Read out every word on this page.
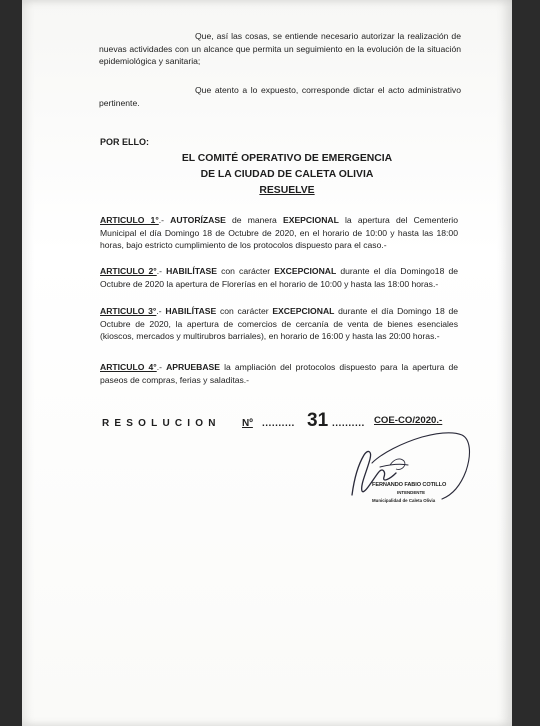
Que, así las cosas, se entiende necesario autorizar la realización de nuevas actividades con un alcance que permita un seguimiento en la evolución de la situación epidemiológica y sanitaria;
Que atento a lo expuesto, corresponde dictar el acto administrativo pertinente.
POR ELLO:
EL COMITÉ OPERATIVO DE EMERGENCIA
DE LA CIUDAD DE CALETA OLIVIA
RESUELVE
ARTICULO 1°.- AUTORÍZASE de manera EXEPCIONAL la apertura del Cementerio Municipal el día Domingo 18 de Octubre de 2020, en el horario de 10:00 y hasta las 18:00 horas, bajo estricto cumplimiento de los protocolos dispuesto para el caso.-
ARTICULO 2°.- HABILÍTASE con carácter EXCEPCIONAL durante el día Domingo18 de Octubre de 2020 la apertura de Florerías en el horario de 10:00 y hasta las 18:00 horas.-
ARTICULO 3°.- HABILÍTASE con carácter EXCEPCIONAL durante el día Domingo 18 de Octubre de 2020, la apertura de comercios de cercanía de venta de bienes esenciales (kioscos, mercados y multirubros barriales), en horario de 16:00 y hasta las 20:00 horas.-
ARTICULO 4°.- APRUEBASE la ampliación del protocolos dispuesto para la apertura de paseos de compras, ferias y saladitas.-
RESOLUCION Nº .......... 31 .......... COE-CO/2020.-
FERNANDO FABIO COTILLO
INTENDENTE
Municipalidad de Caleta Olivia
